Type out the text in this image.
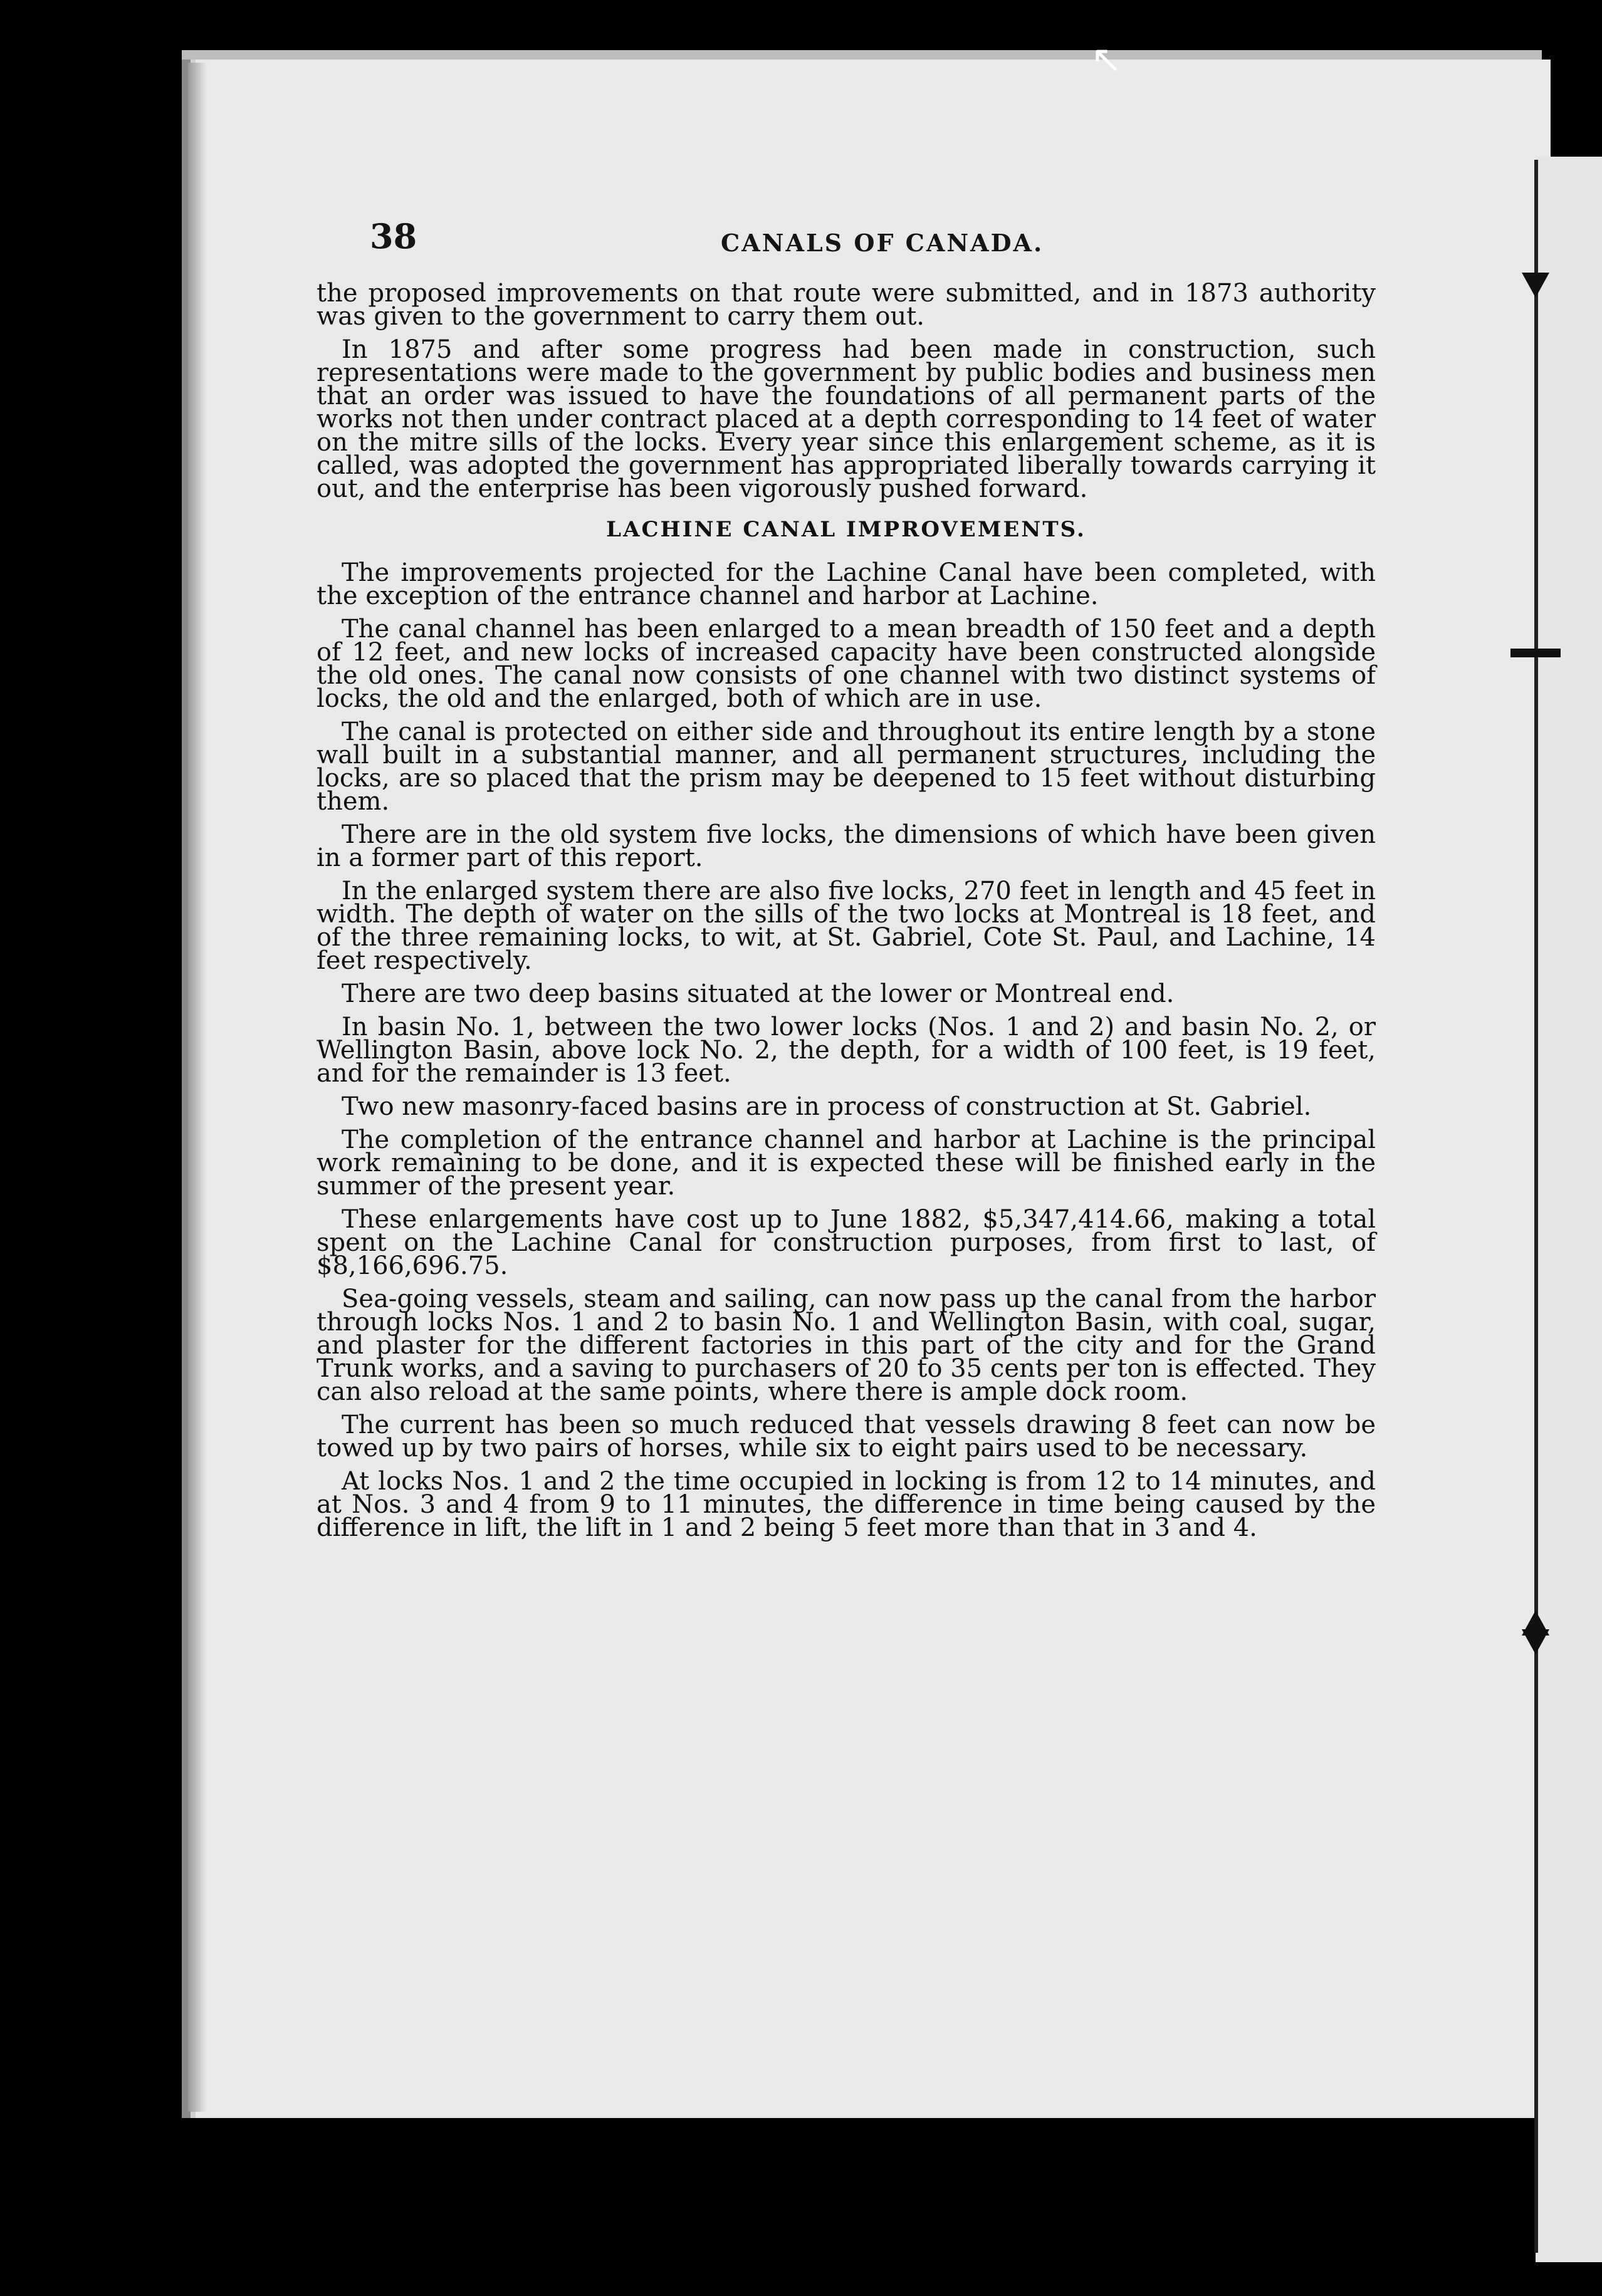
↖
38	CANALS OF CANADA.

the proposed improvements on that route were submitted, and in 1873 authority was given to the government to carry them out.

In 1875 and after some progress had been made in construction, such representations were made to the government by public bodies and business men that an order was issued to have the foundations of all permanent parts of the works not then under contract placed at a depth corresponding to 14 feet of water on the mitre sills of the locks. Every year since this enlargement scheme, as it is called, was adopted the government has appropriated liberally towards carrying it out, and the enterprise has been vigorously pushed forward.

LACHINE CANAL IMPROVEMENTS.

The improvements projected for the Lachine Canal have been completed, with the exception of the entrance channel and harbor at Lachine.

The canal channel has been enlarged to a mean breadth of 150 feet and a depth of 12 feet, and new locks of increased capacity have been constructed alongside the old ones. The canal now consists of one channel with two distinct systems of locks, the old and the enlarged, both of which are in use.

The canal is protected on either side and throughout its entire length by a stone wall built in a substantial manner, and all permanent structures, including the locks, are so placed that the prism may be deepened to 15 feet without disturbing them.

There are in the old system five locks, the dimensions of which have been given in a former part of this report.

In the enlarged system there are also five locks, 270 feet in length and 45 feet in width. The depth of water on the sills of the two locks at Montreal is 18 feet, and of the three remaining locks, to wit, at St. Gabriel, Cote St. Paul, and Lachine, 14 feet respectively.

There are two deep basins situated at the lower or Montreal end.

In basin No. 1, between the two lower locks (Nos. 1 and 2) and basin No. 2, or Wellington Basin, above lock No. 2, the depth, for a width of 100 feet, is 19 feet, and for the remainder is 13 feet.

Two new masonry-faced basins are in process of construction at St. Gabriel.

The completion of the entrance channel and harbor at Lachine is the principal work remaining to be done, and it is expected these will be finished early in the summer of the present year.

These enlargements have cost up to June 1882, $5,347,414.66, making a total spent on the Lachine Canal for construction purposes, from first to last, of $8,166,696.75.

Sea-going vessels, steam and sailing, can now pass up the canal from the harbor through locks Nos. 1 and 2 to basin No. 1 and Wellington Basin, with coal, sugar, and plaster for the different factories in this part of the city and for the Grand Trunk works, and a saving to purchasers of 20 to 35 cents per ton is effected. They can also reload at the same points, where there is ample dock room.

The current has been so much reduced that vessels drawing 8 feet can now be towed up by two pairs of horses, while six to eight pairs used to be necessary.

At locks Nos. 1 and 2 the time occupied in locking is from 12 to 14 minutes, and at Nos. 3 and 4 from 9 to 11 minutes, the difference in time being caused by the difference in lift, the lift in 1 and 2 being 5 feet more than that in 3 and 4.
